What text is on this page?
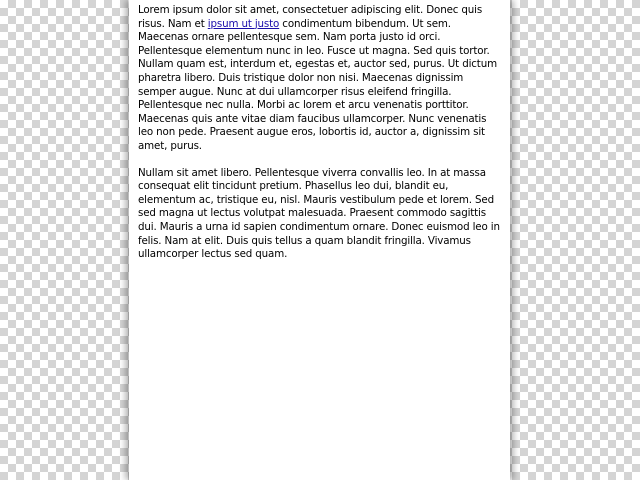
Lorem ipsum dolor sit amet, consectetuer adipiscing elit. Donec quis risus. Nam et ipsum ut justo condimentum bibendum. Ut sem. Maecenas ornare pellentesque sem. Nam porta justo id orci. Pellentesque elementum nunc in leo. Fusce ut magna. Sed quis tortor. Nullam quam est, interdum et, egestas et, auctor sed, purus. Ut dictum pharetra libero. Duis tristique dolor non nisi. Maecenas dignissim semper augue. Nunc at dui ullamcorper risus eleifend fringilla. Pellentesque nec nulla. Morbi ac lorem et arcu venenatis porttitor. Maecenas quis ante vitae diam faucibus ullamcorper. Nunc venenatis leo non pede. Praesent augue eros, lobortis id, auctor a, dignissim sit amet, purus.

Nullam sit amet libero. Pellentesque viverra convallis leo. In at massa consequat elit tincidunt pretium. Phasellus leo dui, blandit eu, elementum ac, tristique eu, nisl. Mauris vestibulum pede et lorem. Sed sed magna ut lectus volutpat malesuada. Praesent commodo sagittis dui. Mauris a urna id sapien condimentum ornare. Donec euismod leo in felis. Nam at elit. Duis quis tellus a quam blandit fringilla. Vivamus ullamcorper lectus sed quam.
